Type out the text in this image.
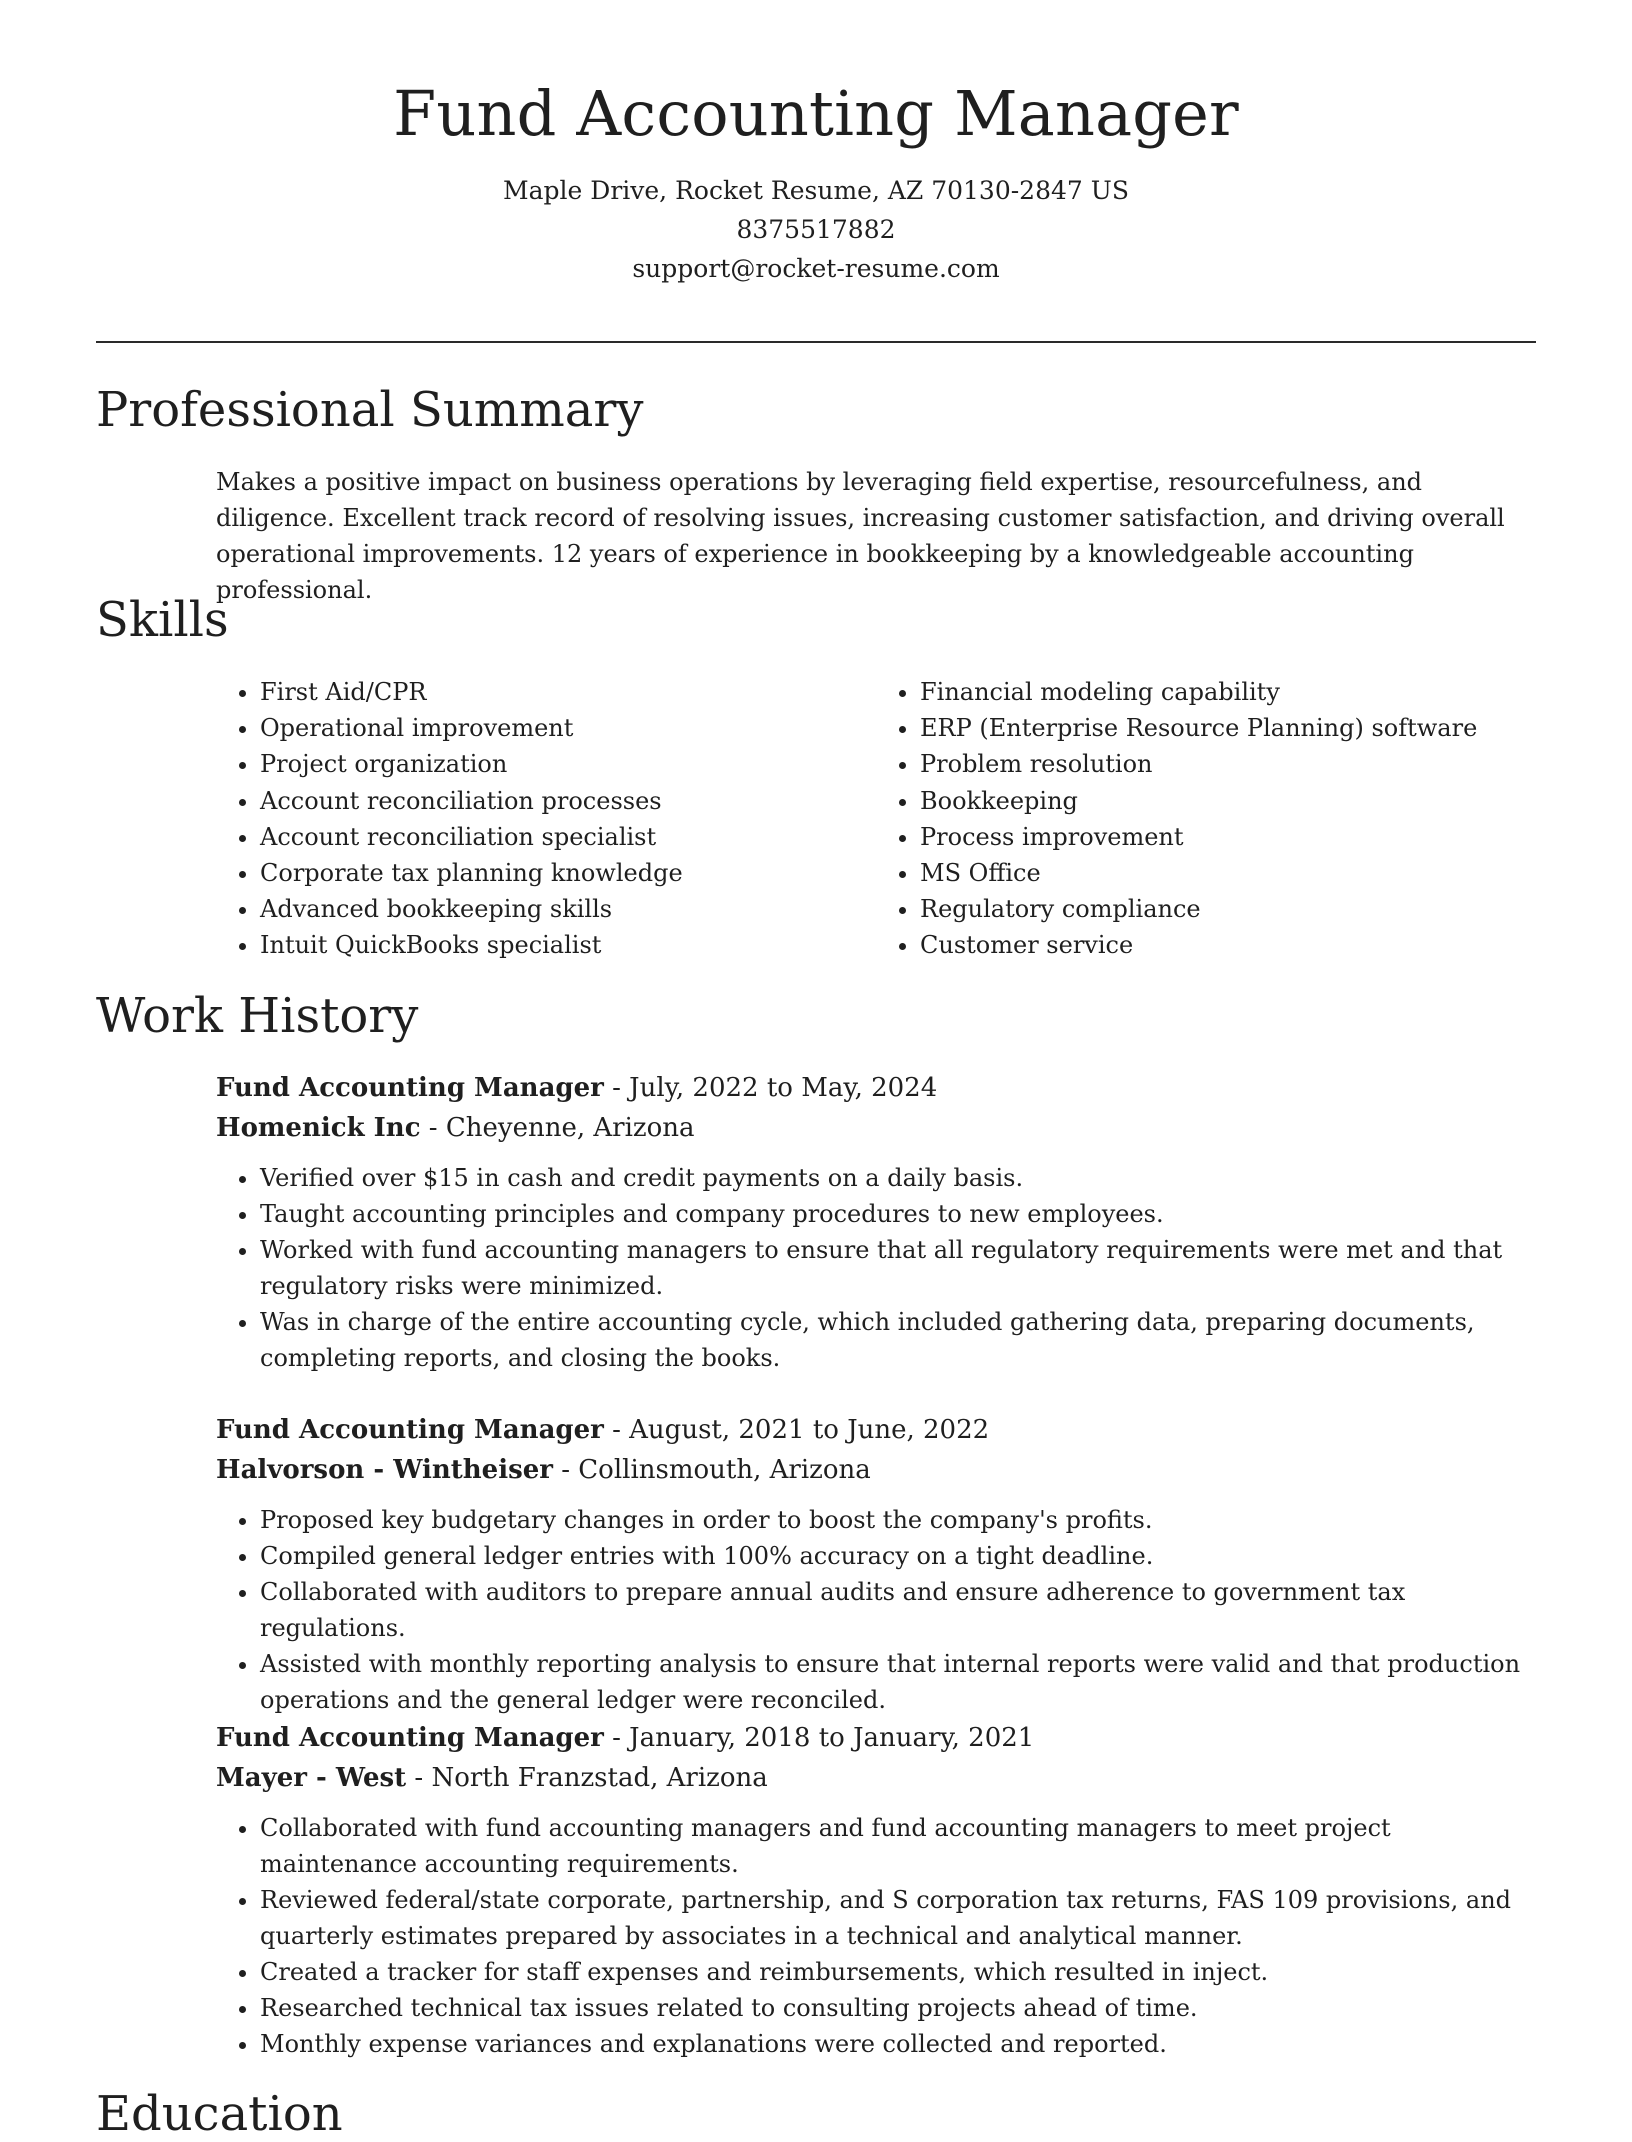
Fund Accounting Manager
Maple Drive, Rocket Resume, AZ 70130-2847 US
8375517882
support@rocket-resume.com
Professional Summary

Makes a positive impact on business operations by leveraging field expertise, resourcefulness, and diligence. Excellent track record of resolving issues, increasing customer satisfaction, and driving overall operational improvements. 12 years of experience in bookkeeping by a knowledgeable accounting professional.

Skills
• First Aid/CPR
• Operational improvement
• Project organization
• Account reconciliation processes
• Account reconciliation specialist
• Corporate tax planning knowledge
• Advanced bookkeeping skills
• Intuit QuickBooks specialist
• Financial modeling capability
• ERP (Enterprise Resource Planning) software
• Problem resolution
• Bookkeeping
• Process improvement
• MS Office
• Regulatory compliance
• Customer service
Work History
Fund Accounting Manager - July, 2022 to May, 2024
Homenick Inc - Cheyenne, Arizona
• Verified over $15 in cash and credit payments on a daily basis.
• Taught accounting principles and company procedures to new employees.
• Worked with fund accounting managers to ensure that all regulatory requirements were met and that regulatory risks were minimized.
• Was in charge of the entire accounting cycle, which included gathering data, preparing documents, completing reports, and closing the books.
Fund Accounting Manager - August, 2021 to June, 2022
Halvorson - Wintheiser - Collinsmouth, Arizona
• Proposed key budgetary changes in order to boost the company's profits.
• Compiled general ledger entries with 100% accuracy on a tight deadline.
• Collaborated with auditors to prepare annual audits and ensure adherence to government tax regulations.
• Assisted with monthly reporting analysis to ensure that internal reports were valid and that production operations and the general ledger were reconciled.
Fund Accounting Manager - January, 2018 to January, 2021
Mayer - West - North Franzstad, Arizona
• Collaborated with fund accounting managers and fund accounting managers to meet project maintenance accounting requirements.
• Reviewed federal/state corporate, partnership, and S corporation tax returns, FAS 109 provisions, and quarterly estimates prepared by associates in a technical and analytical manner.
• Created a tracker for staff expenses and reimbursements, which resulted in inject.
• Researched technical tax issues related to consulting projects ahead of time.
• Monthly expense variances and explanations were collected and reported.
Education
